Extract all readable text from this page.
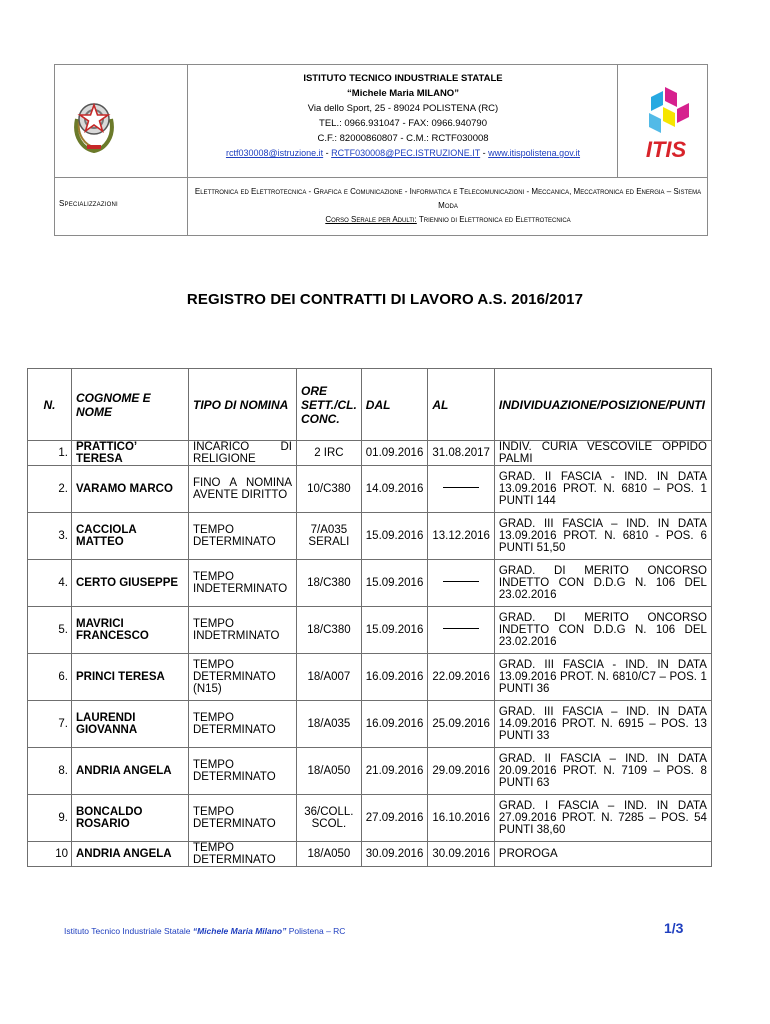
ISTITUTO TECNICO INDUSTRIALE STATALE
“Michele Maria MILANO”
Via dello Sport, 25 - 89024 POLISTENA (RC)
TEL.: 0966.931047 - FAX: 0966.940790
C.F.: 82000860807 - C.M.: RCTF030008
rctf030008@istruzione.it - RCTF030008@PEC.ISTRUZIONE.IT - www.itispolistena.gov.it	ITIS
Specializzazioni
Elettronica ed Elettrotecnica - Grafica e Comunicazione - Informatica e Telecomunicazioni - Meccanica, Meccatronica ed Energia – Sistema Moda
Corso Serale per Adulti: Triennio di Elettronica ed Elettrotecnica
REGISTRO DEI CONTRATTI DI LAVORO A.S. 2016/2017
N.	COGNOME E NOME	TIPO DI NOMINA	ORE
SETT./CL.
CONC.	DAL	AL	INDIVIDUAZIONE/POSIZIONE/PUNTI
1.	PRATTICO’ TERESA	INCARICO DI RELIGIONE	2 IRC	01.09.2016	31.08.2017	INDIV. CURIA VESCOVILE OPPIDO PALMI
2.	VARAMO MARCO	FINO A NOMINA AVENTE DIRITTO	10/C380	14.09.2016		GRAD. II FASCIA - IND. IN DATA 13.09.2016 PROT. N. 6810 – POS. 1 PUNTI 144
3.	CACCIOLA MATTEO	TEMPO DETERMINATO	7/A035 SERALI	15.09.2016	13.12.2016	GRAD. III FASCIA – IND. IN DATA 13.09.2016 PROT. N. 6810 - POS. 6 PUNTI 51,50
4.	CERTO GIUSEPPE	TEMPO INDETERMINATO	18/C380	15.09.2016		GRAD. DI MERITO ONCORSO INDETTO CON D.D.G N. 106 DEL 23.02.2016
5.	MAVRICI FRANCESCO	TEMPO INDETRMINATO	18/C380	15.09.2016		GRAD. DI MERITO ONCORSO INDETTO CON D.D.G N. 106 DEL 23.02.2016
6.	PRINCI TERESA	TEMPO DETERMINATO (N15)	18/A007	16.09.2016	22.09.2016	GRAD. III FASCIA - IND. IN DATA 13.09.2016 PROT. N. 6810/C7 – POS. 1 PUNTI 36
7.	LAURENDI GIOVANNA	TEMPO DETERMINATO	18/A035	16.09.2016	25.09.2016	GRAD. III FASCIA – IND. IN DATA 14.09.2016 PROT. N. 6915 – POS. 13 PUNTI 33
8.	ANDRIA ANGELA	TEMPO DETERMINATO	18/A050	21.09.2016	29.09.2016	GRAD. II FASCIA – IND. IN DATA 20.09.2016 PROT. N. 7109 – POS. 8 PUNTI 63
9.	BONCALDO ROSARIO	TEMPO DETERMINATO	36/COLL. SCOL.	27.09.2016	16.10.2016	GRAD. I FASCIA – IND. IN DATA 27.09.2016 PROT. N. 7285 – POS. 54 PUNTI 38,60
10	ANDRIA ANGELA	TEMPO DETERMINATO	18/A050	30.09.2016	30.09.2016	PROROGA
Istituto Tecnico Industriale Statale “Michele Maria Milano” Polistena – RC	1/3
